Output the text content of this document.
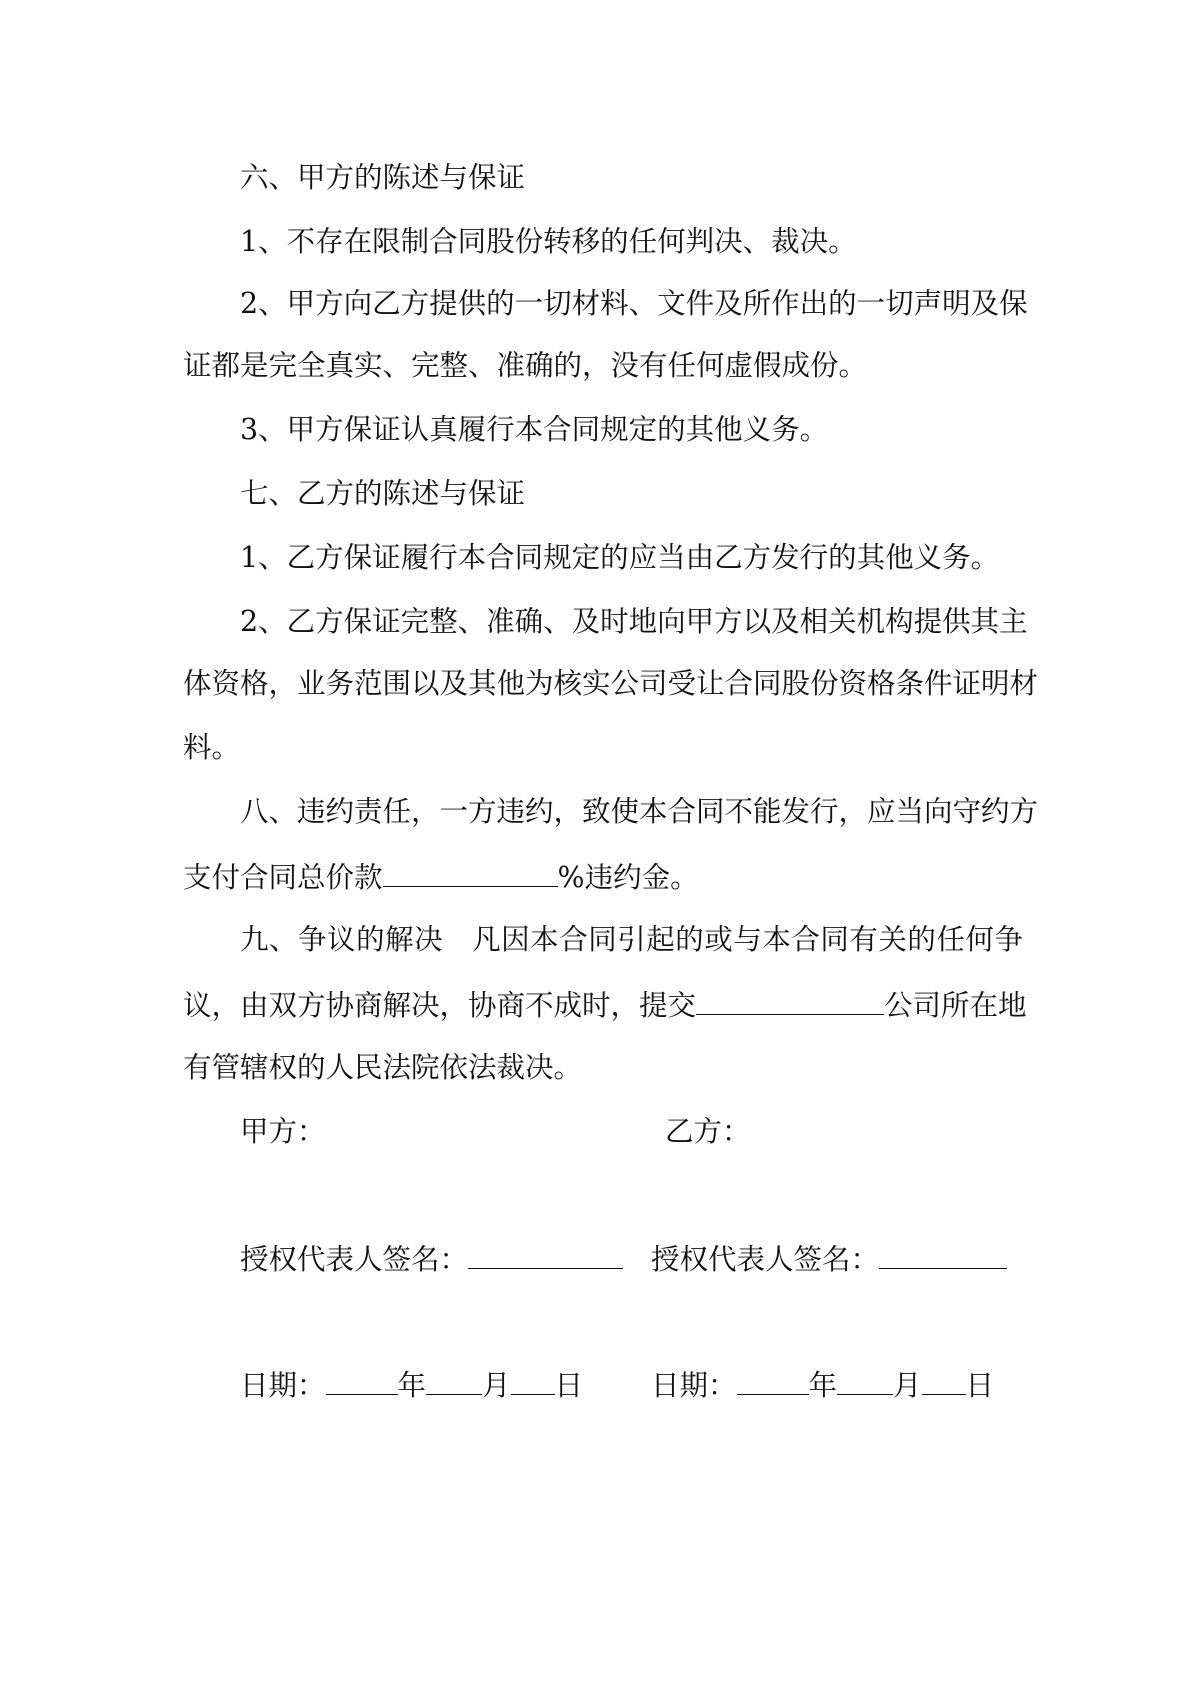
六、甲方的陈述与保证
1、不存在限制合同股份转移的任何判决、裁决。
2、甲方向乙方提供的一切材料、文件及所作出的一切声明及保
证都是完全真实、完整、准确的，没有任何虚假成份。
3、甲方保证认真履行本合同规定的其他义务。
七、乙方的陈述与保证
1、乙方保证履行本合同规定的应当由乙方发行的其他义务。
2、乙方保证完整、准确、及时地向甲方以及相关机构提供其主
体资格，业务范围以及其他为核实公司受让合同股份资格条件证明材
料。
八、违约责任，一方违约，致使本合同不能发行，应当向守约方
支付合同总价款	%违约金。
九、争议的解决　凡因本合同引起的或与本合同有关的任何争
议，由双方协商解决，协商不成时，提交	公司所在地
有管辖权的人民法院依法裁决。
甲方：	乙方：
授权代表人签名：	授权代表人签名：
日期：	年 月 日 日期：	年 月 日
